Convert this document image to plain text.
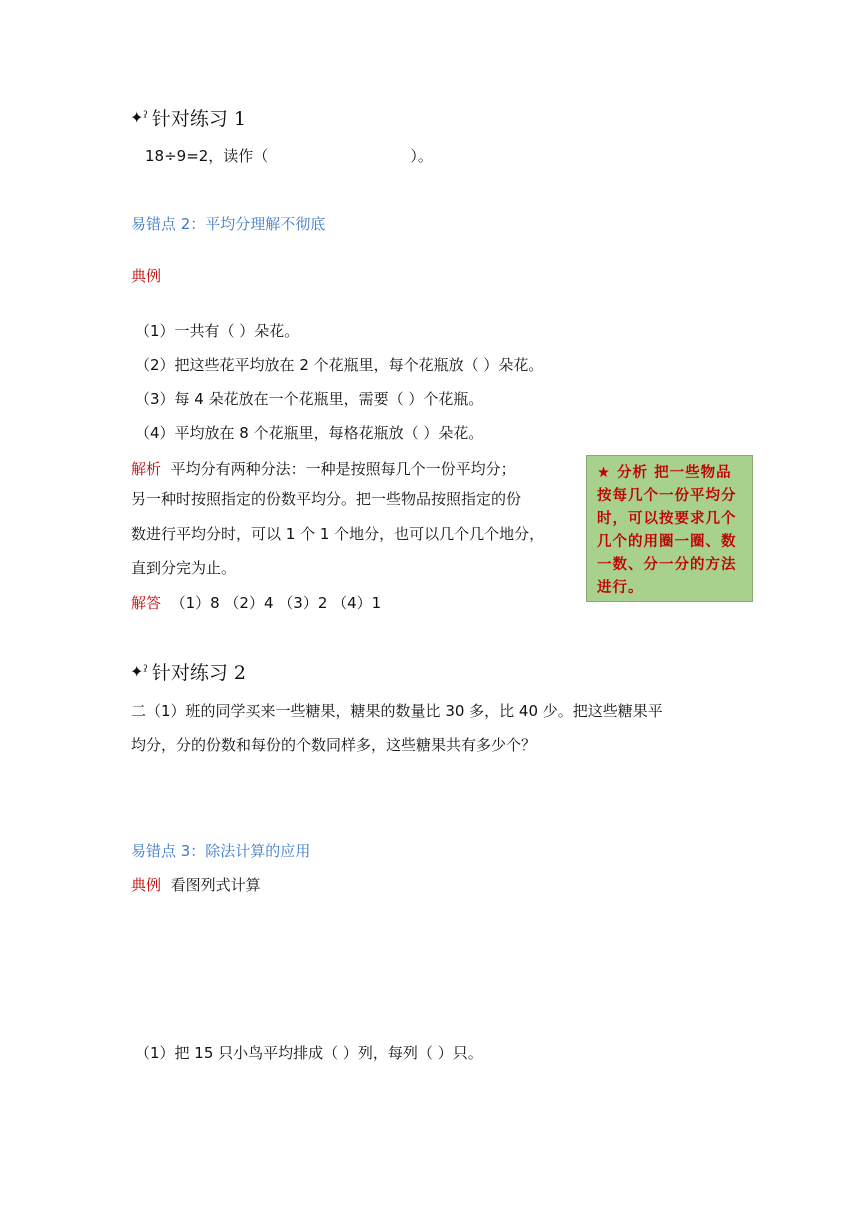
✦ˀ 针对练习 1
18÷9=2，读作（	）。
易错点 2：平均分理解不彻底
典例
（1）一共有（ ）朵花。
（2）把这些花平均放在 2 个花瓶里，每个花瓶放（ ）朵花。
（3）每 4 朵花放在一个花瓶里，需要（ ）个花瓶。
（4）平均放在 8 个花瓶里，每格花瓶放（ ）朵花。
解析 平均分有两种分法：一种是按照每几个一份平均分；
另一种时按照指定的份数平均分。把一些物品按照指定的份
数进行平均分时，可以 1 个 1 个地分，也可以几个几个地分，
直到分完为止。
解答 （1）8 （2）4 （3）2 （4）1
★ 分析 把一些物品按每几个一份平均分时，可以按要求几个几个的用圈一圈、数一数、分一分的方法进行。
✦ˀ 针对练习 2
二（1）班的同学买来一些糖果，糖果的数量比 30 多，比 40 少。把这些糖果平
均分，分的份数和每份的个数同样多，这些糖果共有多少个？
易错点 3：除法计算的应用
典例 看图列式计算
（1）把 15 只小鸟平均排成（ ）列，每列（ ）只。
